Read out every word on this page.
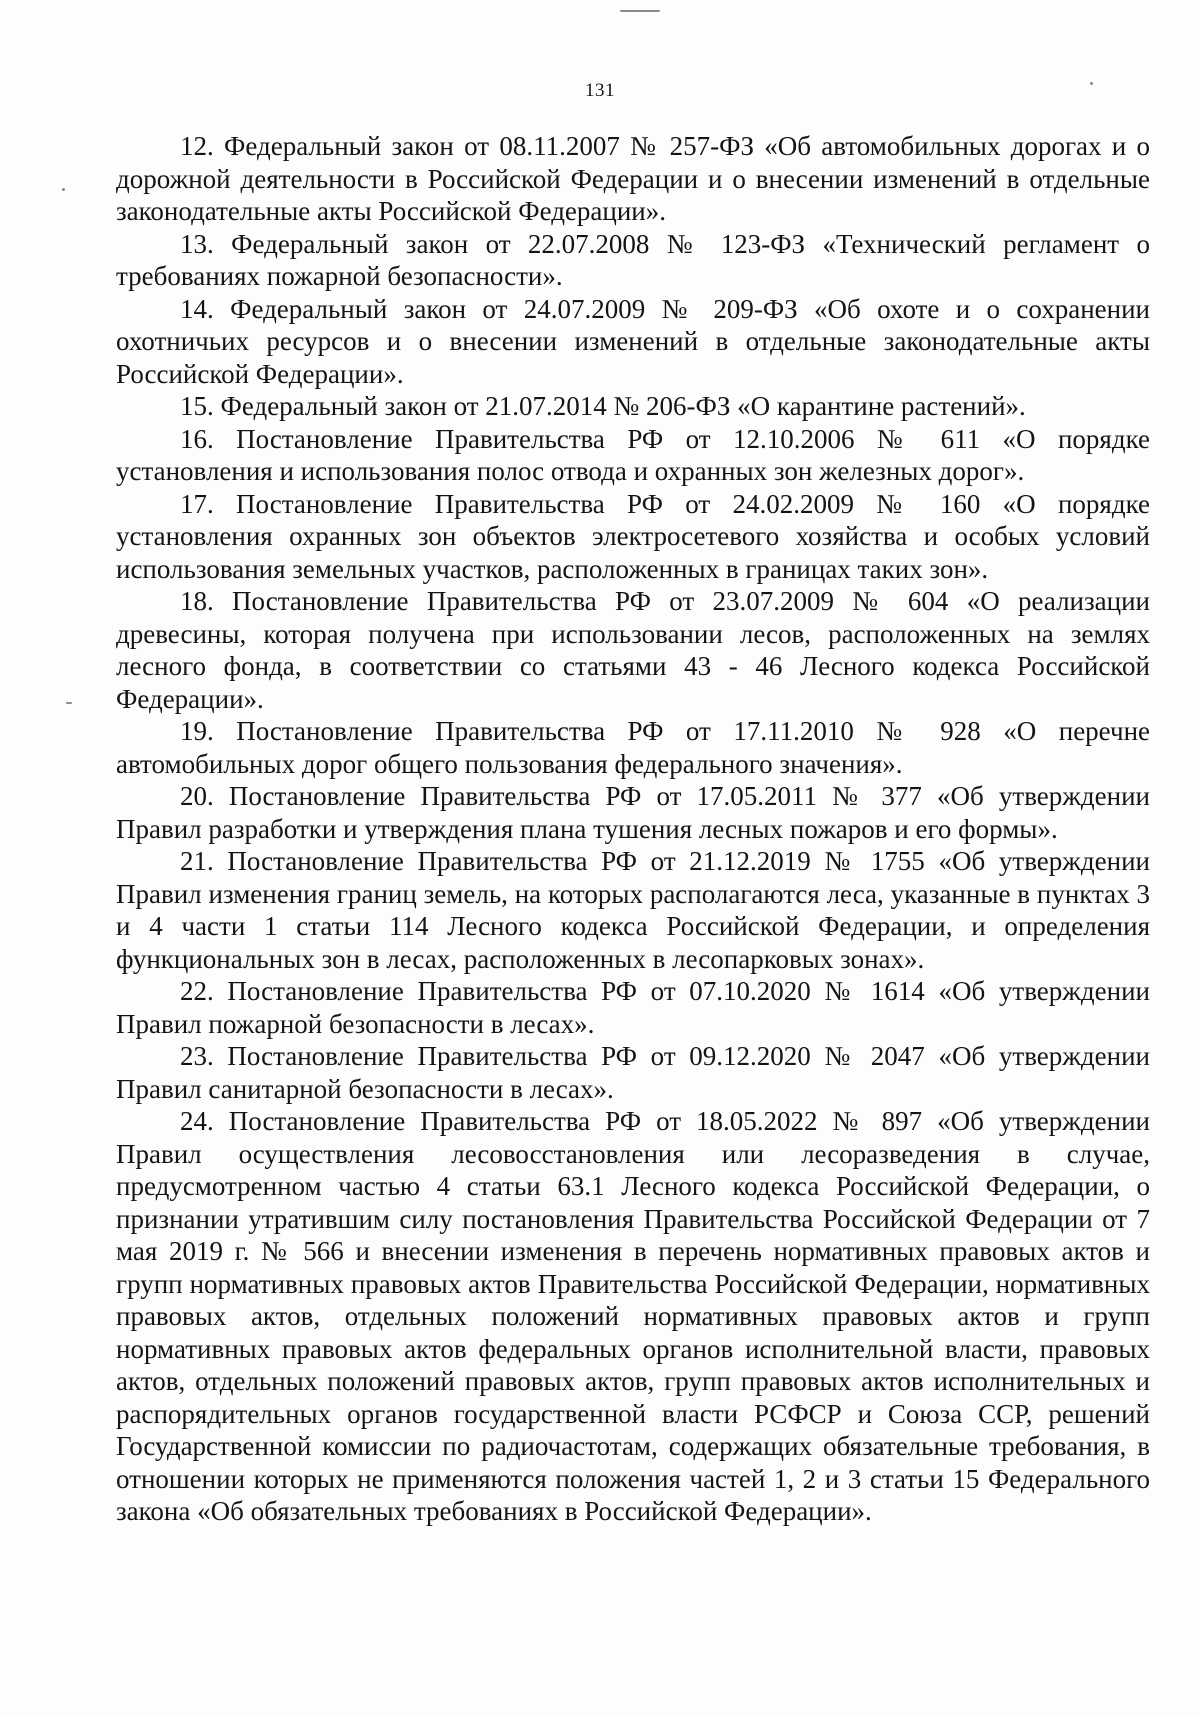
131

12. Федеральный закон от 08.11.2007 № 257-ФЗ «Об автомобильных дорогах и о дорожной деятельности в Российской Федерации и о внесении изменений в отдельные законодательные акты Российской Федерации».

13. Федеральный закон от 22.07.2008 № 123-ФЗ «Технический регламент о требованиях пожарной безопасности».

14. Федеральный закон от 24.07.2009 № 209-ФЗ «Об охоте и о сохранении охотничьих ресурсов и о внесении изменений в отдельные законодательные акты Российской Федерации».

15. Федеральный закон от 21.07.2014 № 206-ФЗ «О карантине растений».

16. Постановление Правительства РФ от 12.10.2006 № 611 «О порядке установления и использования полос отвода и охранных зон железных дорог».

17. Постановление Правительства РФ от 24.02.2009 № 160 «О порядке установления охранных зон объектов электросетевого хозяйства и особых условий использования земельных участков, расположенных в границах таких зон».

18. Постановление Правительства РФ от 23.07.2009 № 604 «О реализации древесины, которая получена при использовании лесов, расположенных на землях лесного фонда, в соответствии со статьями 43 - 46 Лесного кодекса Российской Федерации».

19. Постановление Правительства РФ от 17.11.2010 № 928 «О перечне автомобильных дорог общего пользования федерального значения».

20. Постановление Правительства РФ от 17.05.2011 № 377 «Об утверждении Правил разработки и утверждения плана тушения лесных пожаров и его формы».

21. Постановление Правительства РФ от 21.12.2019 № 1755 «Об утверждении Правил изменения границ земель, на которых располагаются леса, указанные в пунктах 3 и 4 части 1 статьи 114 Лесного кодекса Российской Федерации, и определения функциональных зон в лесах, расположенных в лесопарковых зонах».

22. Постановление Правительства РФ от 07.10.2020 № 1614 «Об утверждении Правил пожарной безопасности в лесах».

23. Постановление Правительства РФ от 09.12.2020 № 2047 «Об утверждении Правил санитарной безопасности в лесах».

24. Постановление Правительства РФ от 18.05.2022 № 897 «Об утверждении Правил осуществления лесовосстановления или лесоразведения в случае, предусмотренном частью 4 статьи 63.1 Лесного кодекса Российской Федерации, о признании утратившим силу постановления Правительства Российской Федерации от 7 мая 2019 г. № 566 и внесении изменения в перечень нормативных правовых актов и групп нормативных правовых актов Правительства Российской Федерации, нормативных правовых актов, отдельных положений нормативных правовых актов и групп нормативных правовых актов федеральных органов исполнительной власти, правовых актов, отдельных положений правовых актов, групп правовых актов исполнительных и распорядительных органов государственной власти РСФСР и Союза ССР, решений Государственной комиссии по радиочастотам, содержащих обязательные требования, в отношении которых не применяются положения частей 1, 2 и 3 статьи 15 Федерального закона «Об обязательных требованиях в Российской Федерации».
